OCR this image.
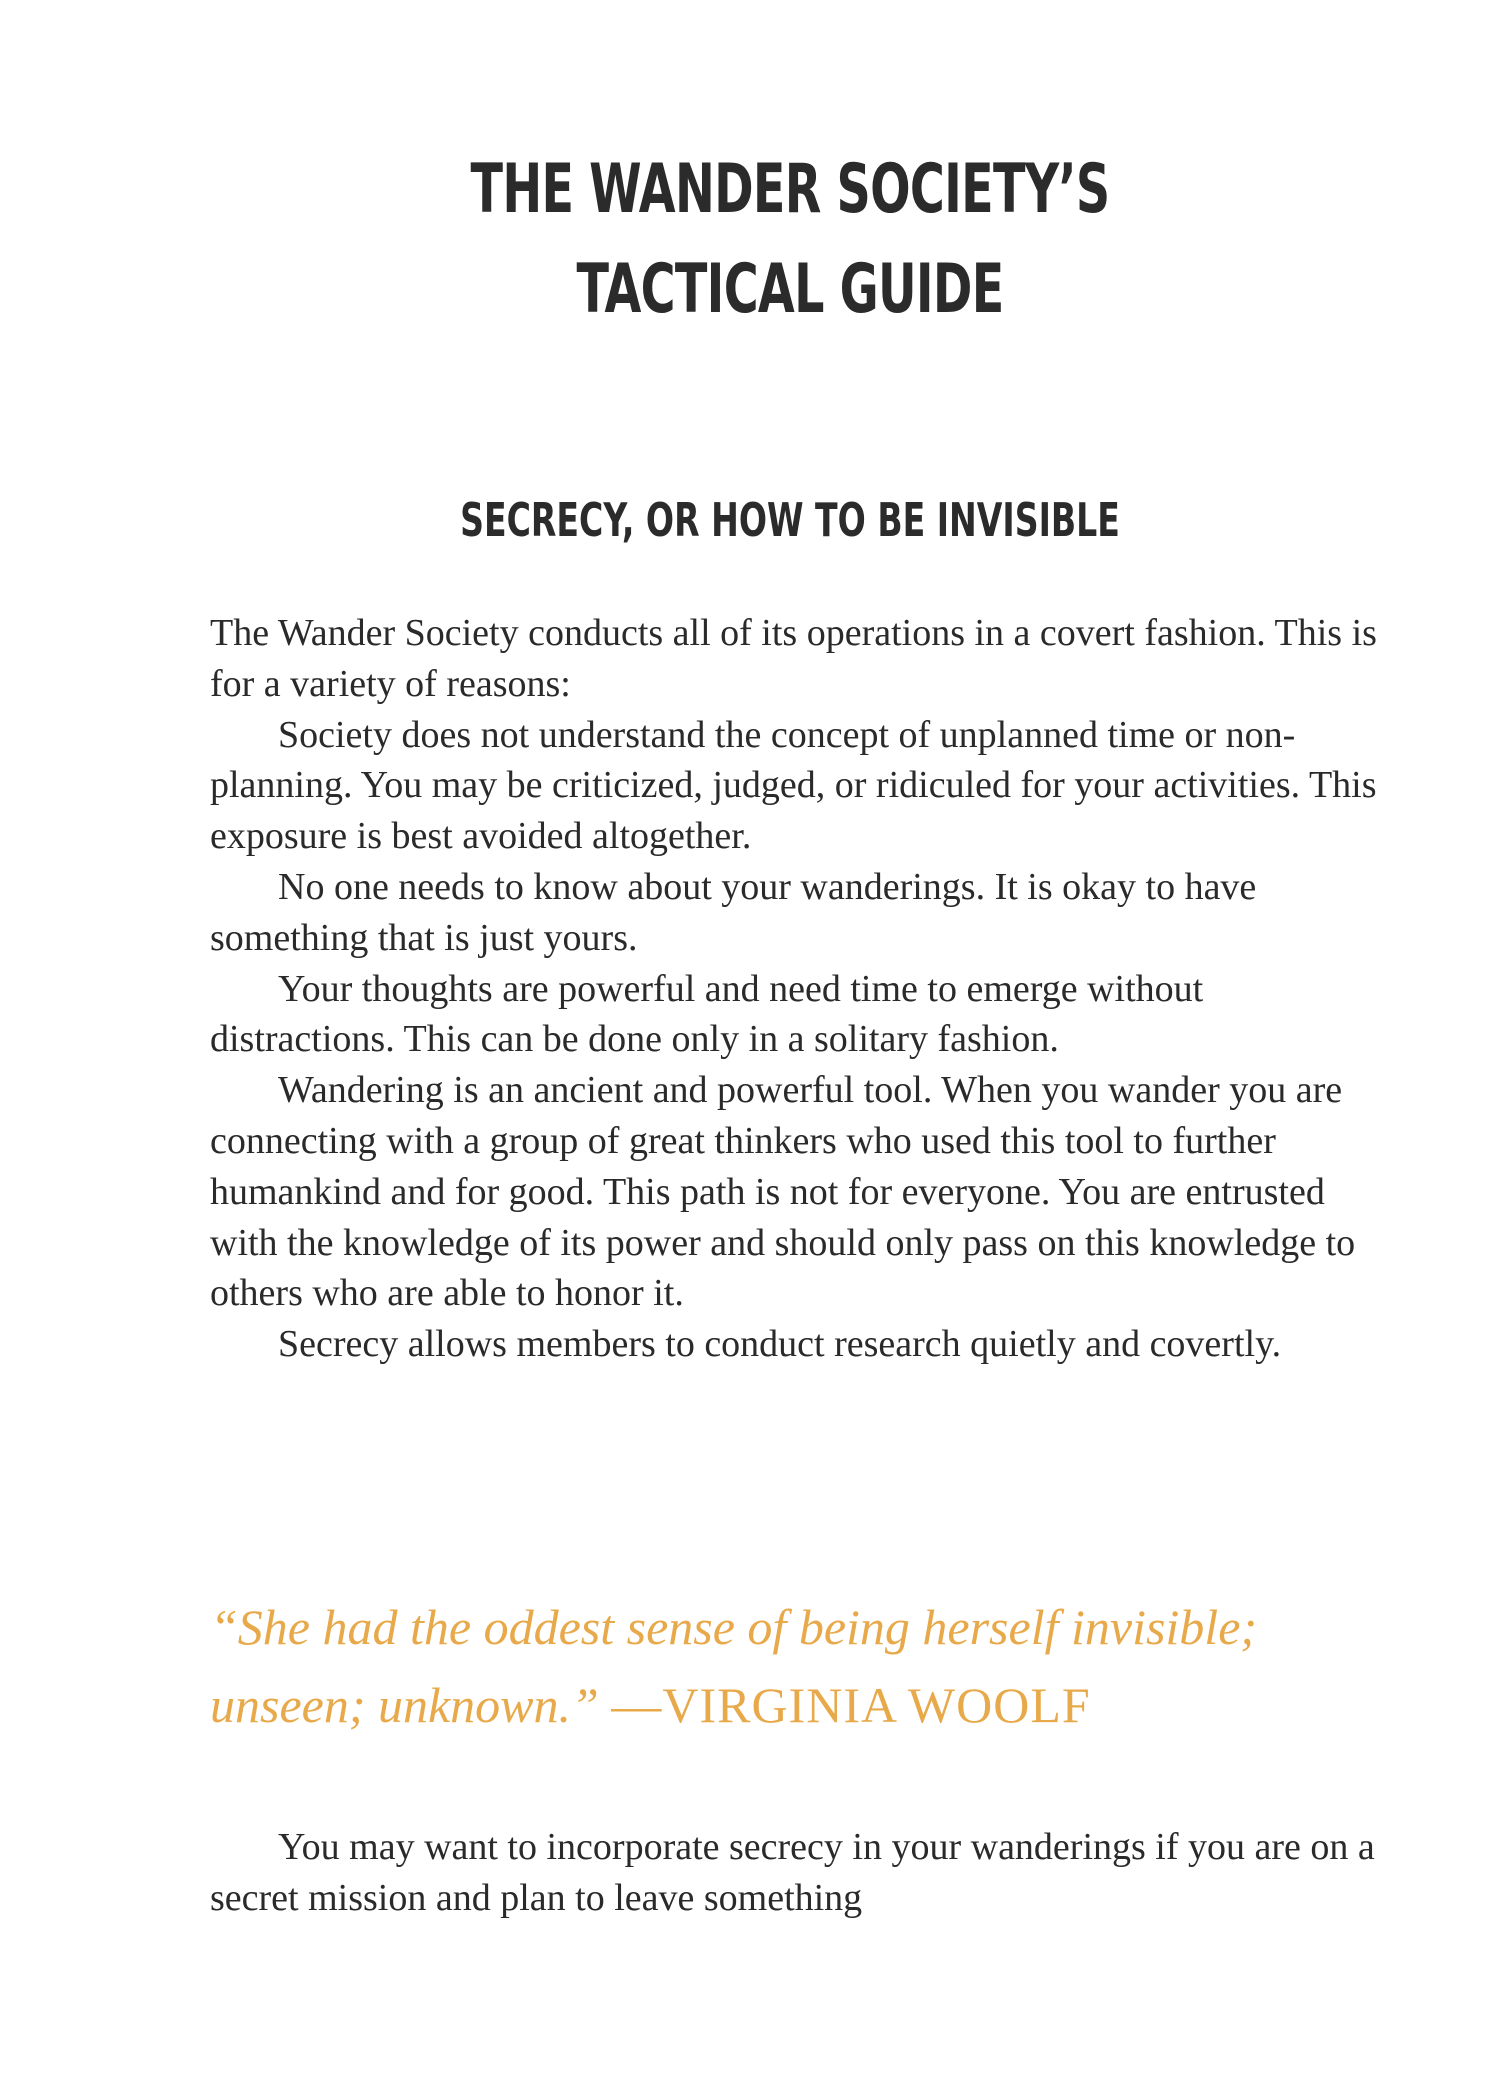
THE WANDER SOCIETY’S
TACTICAL GUIDE
SECRECY, OR HOW TO BE INVISIBLE

The Wander Society conducts all of its operations in a covert fashion. This is for a variety of reasons:

Society does not understand the concept of unplanned time or non-planning. You may be criticized, judged, or ridiculed for your activities. This exposure is best avoided altogether.

No one needs to know about your wanderings. It is okay to have something that is just yours.

Your thoughts are powerful and need time to emerge without distractions. This can be done only in a solitary fashion.

Wandering is an ancient and powerful tool. When you wander you are connecting with a group of great thinkers who used this tool to further humankind and for good. This path is not for everyone. You are entrusted with the knowledge of its power and should only pass on this knowledge to others who are able to honor it.

Secrecy allows members to conduct research quietly and covertly.

“She had the oddest sense of being herself invisible; unseen; unknown.” —VIRGINIA WOOLF

You may want to incorporate secrecy in your wanderings if you are on a secret mission and plan to leave something
